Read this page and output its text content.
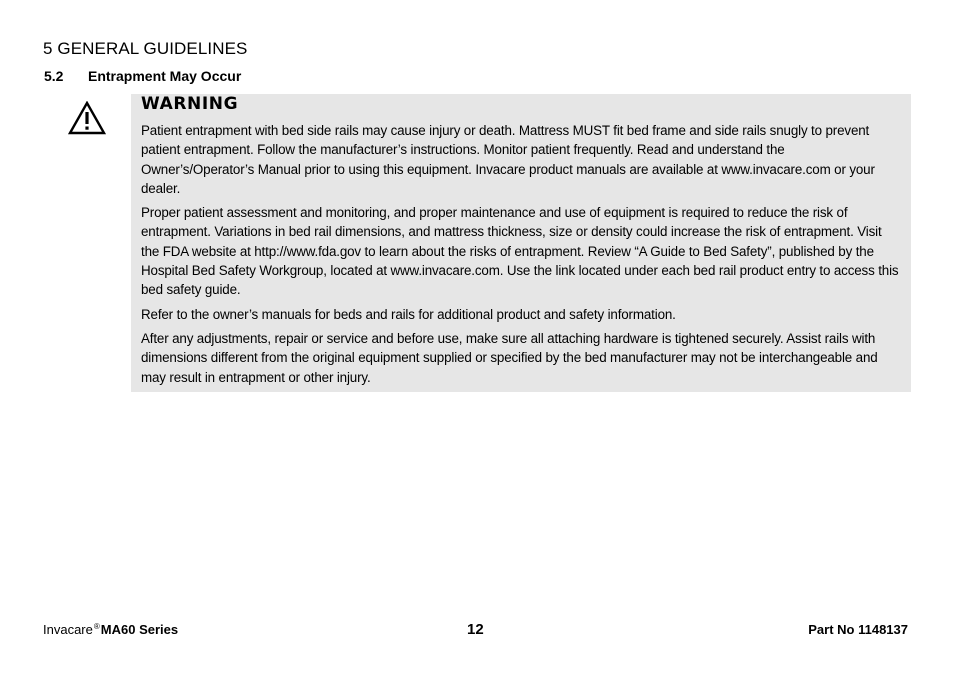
5 GENERAL GUIDELINES
5.2 Entrapment May Occur
WARNING

Patient entrapment with bed side rails may cause injury or death. Mattress MUST fit bed frame and side rails snugly to prevent patient entrapment. Follow the manufacturer’s instructions. Monitor patient frequently. Read and understand the Owner’s/Operator’s Manual prior to using this equipment. Invacare product manuals are available at www.invacare.com or your dealer.

Proper patient assessment and monitoring, and proper maintenance and use of equipment is required to reduce the risk of entrapment. Variations in bed rail dimensions, and mattress thickness, size or density could increase the risk of entrapment. Visit the FDA website at http://www.fda.gov to learn about the risks of entrapment. Review “A Guide to Bed Safety”, published by the Hospital Bed Safety Workgroup, located at www.invacare.com. Use the link located under each bed rail product entry to access this bed safety guide.

Refer to the owner’s manuals for beds and rails for additional product and safety information.

After any adjustments, repair or service and before use, make sure all attaching hardware is tightened securely. Assist rails with dimensions different from the original equipment supplied or specified by the bed manufacturer may not be interchangeable and may result in entrapment or other injury.

Invacare®MA60 Series	12	Part No 1148137
